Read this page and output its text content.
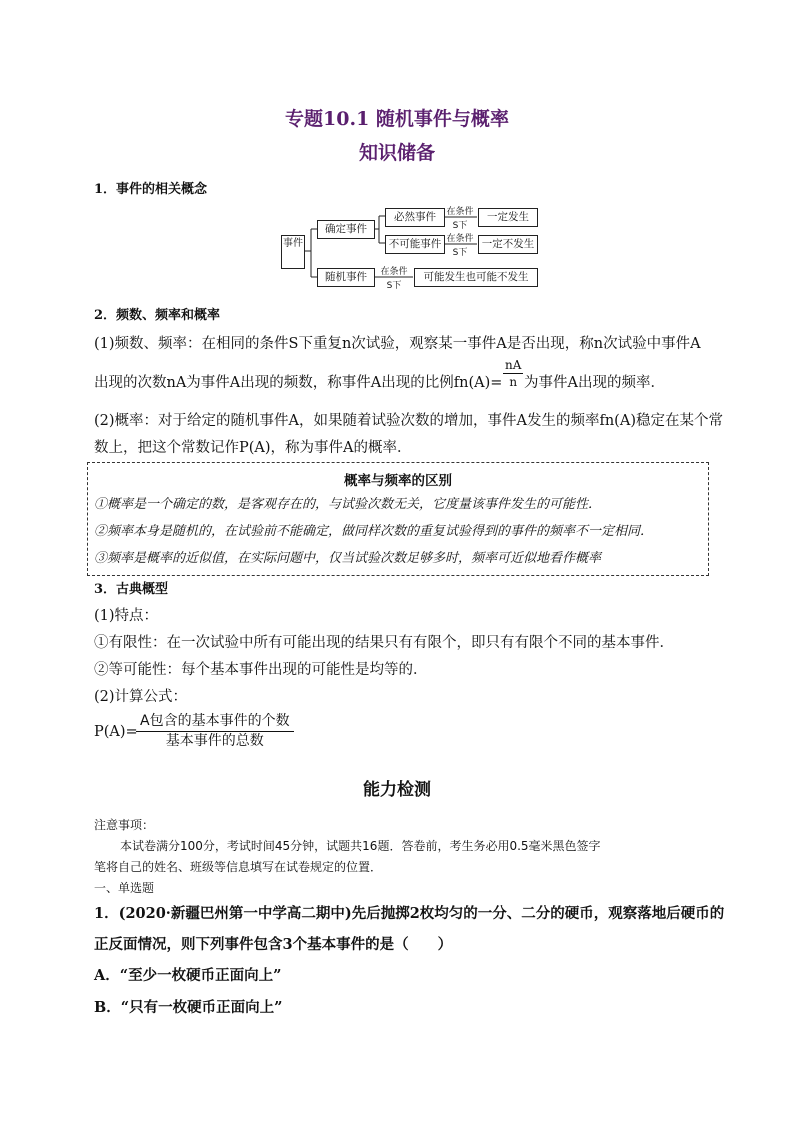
专题10.1 随机事件与概率
知识储备
1．事件的相关概念
事件
确定事件
随机事件
必然事件
不可能事件
在条件
S下
在条件
S下
在条件
S下
一定发生
一定不发生
可能发生也可能不发生
2．频数、频率和概率
(1)频数、频率：在相同的条件S下重复n次试验，观察某一事件A是否出现，称n次试验中事件A
出现的次数nA为事件A出现的频数，称事件A出现的比例$fn(A)= \frac{nA}{n}$ 为事件A出现的频率．
(2)概率：对于给定的随机事件A，如果随着试验次数的增加，事件A发生的频率fn(A)稳定在某个常
数上，把这个常数记作P(A)，称为事件A的概率．
概率与频率的区别
①概率是一个确定的数，是客观存在的，与试验次数无关，它度量该事件发生的可能性．
②频率本身是随机的，在试验前不能确定，做同样次数的重复试验得到的事件的频率不一定相同．
③频率是概率的近似值，在实际问题中，仅当试验次数足够多时，频率可近似地看作概率
3．古典概型
(1)特点：
①有限性：在一次试验中所有可能出现的结果只有有限个，即只有有限个不同的基本事件．
②等可能性：每个基本事件出现的可能性是均等的．
(2)计算公式：
P(A)=
A包含的基本事件的个数
基本事件的总数
能力检测
注意事项：
本试卷满分100分，考试时间45分钟，试题共16题．答卷前，考生务必用0.5毫米黑色签字
笔将自己的姓名、班级等信息填写在试卷规定的位置．
一、单选题
1．(2020·新疆巴州第一中学高二期中)先后抛掷2枚均匀的一分、二分的硬币，观察落地后硬币的
正反面情况，则下列事件包含3个基本事件的是（　　）
A．“至少一枚硬币正面向上”
B．“只有一枚硬币正面向上”
